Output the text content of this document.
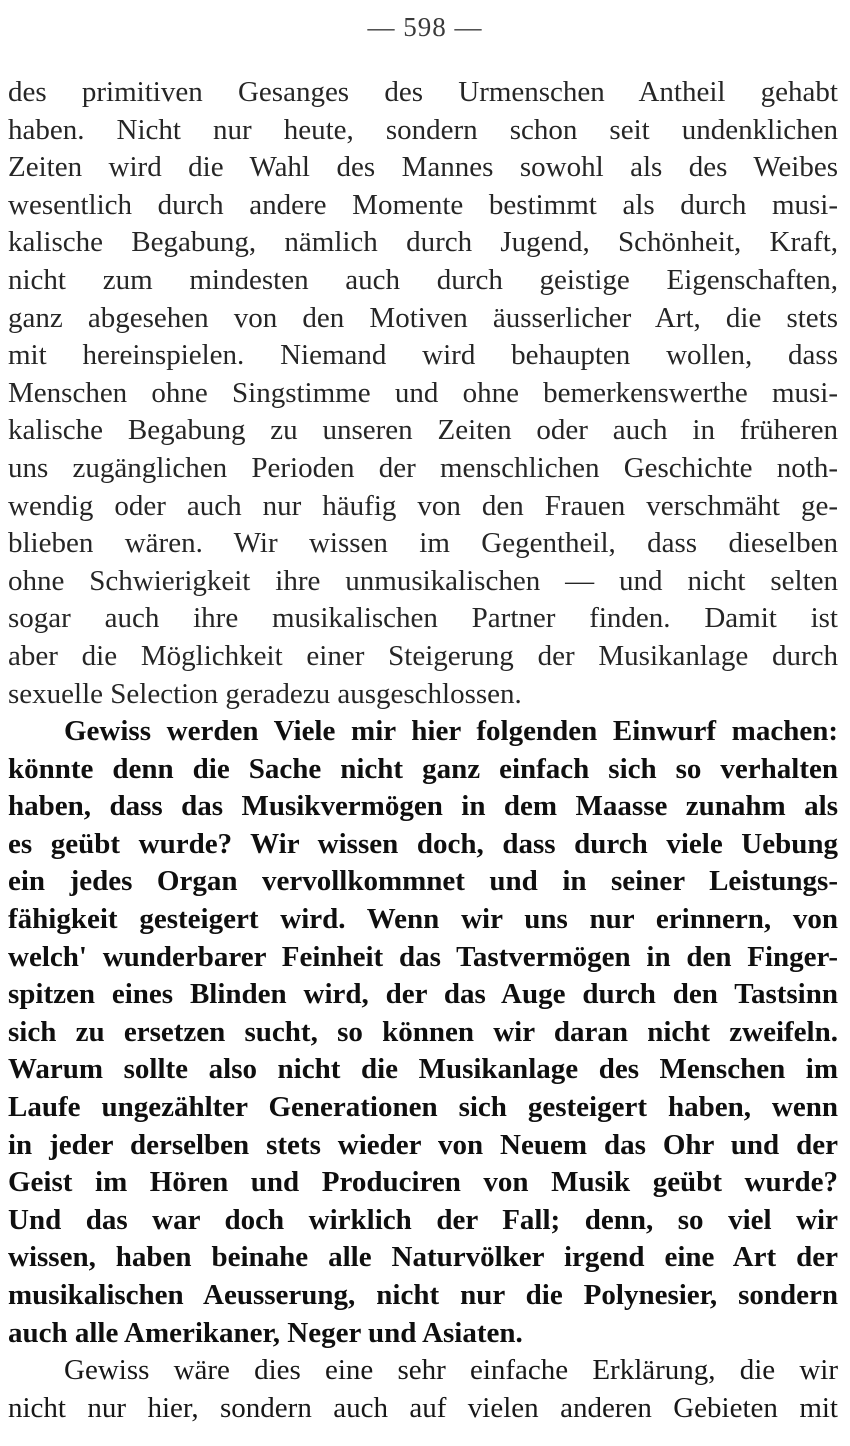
— 598 —
des primitiven Gesanges des Urmenschen Antheil gehabt
haben. Nicht nur heute, sondern schon seit undenklichen
Zeiten wird die Wahl des Mannes sowohl als des Weibes
wesentlich durch andere Momente bestimmt als durch musi-
kalische Begabung, nämlich durch Jugend, Schönheit, Kraft,
nicht zum mindesten auch durch geistige Eigenschaften,
ganz abgesehen von den Motiven äusserlicher Art, die stets
mit hereinspielen. Niemand wird behaupten wollen, dass
Menschen ohne Singstimme und ohne bemerkenswerthe musi-
kalische Begabung zu unseren Zeiten oder auch in früheren
uns zugänglichen Perioden der menschlichen Geschichte noth-
wendig oder auch nur häufig von den Frauen verschmäht ge-
blieben wären. Wir wissen im Gegentheil, dass dieselben
ohne Schwierigkeit ihre unmusikalischen — und nicht selten
sogar auch ihre musikalischen Partner finden. Damit ist
aber die Möglichkeit einer Steigerung der Musikanlage durch
sexuelle Selection geradezu ausgeschlossen.
Gewiss werden Viele mir hier folgenden Einwurf machen:
könnte denn die Sache nicht ganz einfach sich so verhalten
haben, dass das Musikvermögen in dem Maasse zunahm als
es geübt wurde? Wir wissen doch, dass durch viele Uebung
ein jedes Organ vervollkommnet und in seiner Leistungs-
fähigkeit gesteigert wird. Wenn wir uns nur erinnern, von
welch' wunderbarer Feinheit das Tastvermögen in den Finger-
spitzen eines Blinden wird, der das Auge durch den Tastsinn
sich zu ersetzen sucht, so können wir daran nicht zweifeln.
Warum sollte also nicht die Musikanlage des Menschen im
Laufe ungezählter Generationen sich gesteigert haben, wenn
in jeder derselben stets wieder von Neuem das Ohr und der
Geist im Hören und Produciren von Musik geübt wurde?
Und das war doch wirklich der Fall; denn, so viel wir
wissen, haben beinahe alle Naturvölker irgend eine Art der
musikalischen Aeusserung, nicht nur die Polynesier, sondern
auch alle Amerikaner, Neger und Asiaten.
Gewiss wäre dies eine sehr einfache Erklärung, die wir
nicht nur hier, sondern auch auf vielen anderen Gebieten mit
